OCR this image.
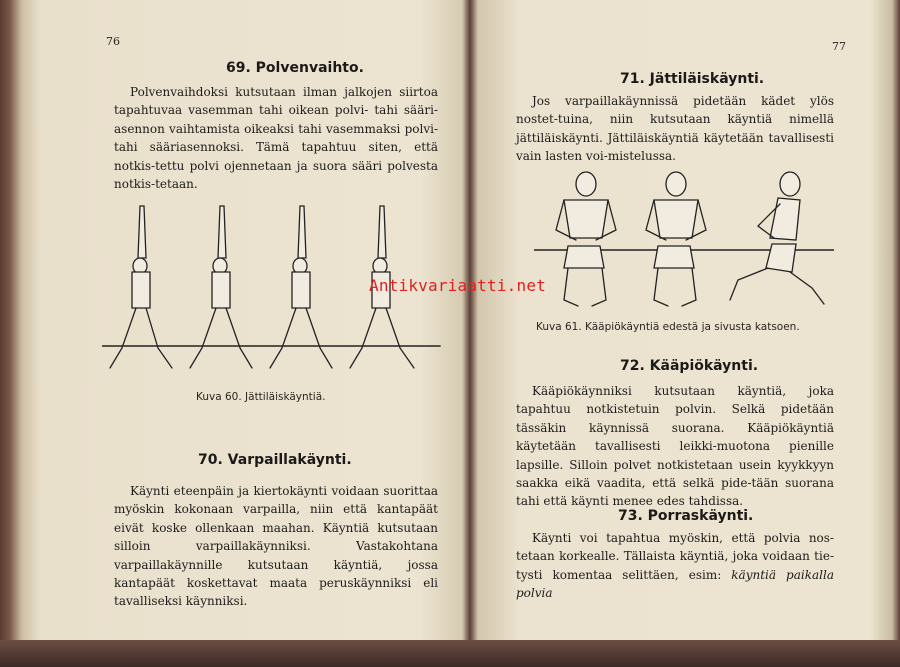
76
69. Polvenvaihto.
Polvenvaihdoksi kutsutaan ilman jalkojen siirtoa tapahtuvaa vasemman tahi oikean polvi- tahi sääri-asennon vaihtamista oikeaksi tahi vasemmaksi polvi-tahi sääriasennoksi. Tämä tapahtuu siten, että notkis-tettu polvi ojennetaan ja suora sääri polvesta notkis-tetaan.
Kuva 60. Jättiläiskäyntiä.
70. Varpaillakäynti.
Käynti eteenpäin ja kiertokäynti voidaan suorittaa myöskin kokonaan varpailla, niin että kantapäät eivät koske ollenkaan maahan. Käyntiä kutsutaan silloin varpaillakäynniksi. Vastakohtana varpaillakäynnille kutsutaan käyntiä, jossa kantapäät koskettavat maata peruskäynniksi eli tavalliseksi käynniksi.
77
71. Jättiläiskäynti.
Jos varpaillakäynnissä pidetään kädet ylös nostet-tuina, niin kutsutaan käyntiä nimellä jättiläiskäynti. Jättiläiskäyntiä käytetään tavallisesti vain lasten voi-mistelussa.
Kuva 61. Kääpiökäyntiä edestä ja sivusta katsoen.
72. Kääpiökäynti.
Kääpiökäynniksi kutsutaan käyntiä, joka tapahtuu notkistetuin polvin. Selkä pidetään tässäkin käynnissä suorana. Kääpiökäyntiä käytetään tavallisesti leikki-muotona pienille lapsille. Silloin polvet notkistetaan usein kyykkyyn saakka eikä vaadita, että selkä pide-tään suorana tahi että käynti menee edes tahdissa.
73. Porraskäynti.
Käynti voi tapahtua myöskin, että polvia nos-tetaan korkealle. Tällaista käyntiä, joka voidaan tie-tysti komentaa selittäen, esim: käyntiä paikalla polvia
Antikvariaatti.net
